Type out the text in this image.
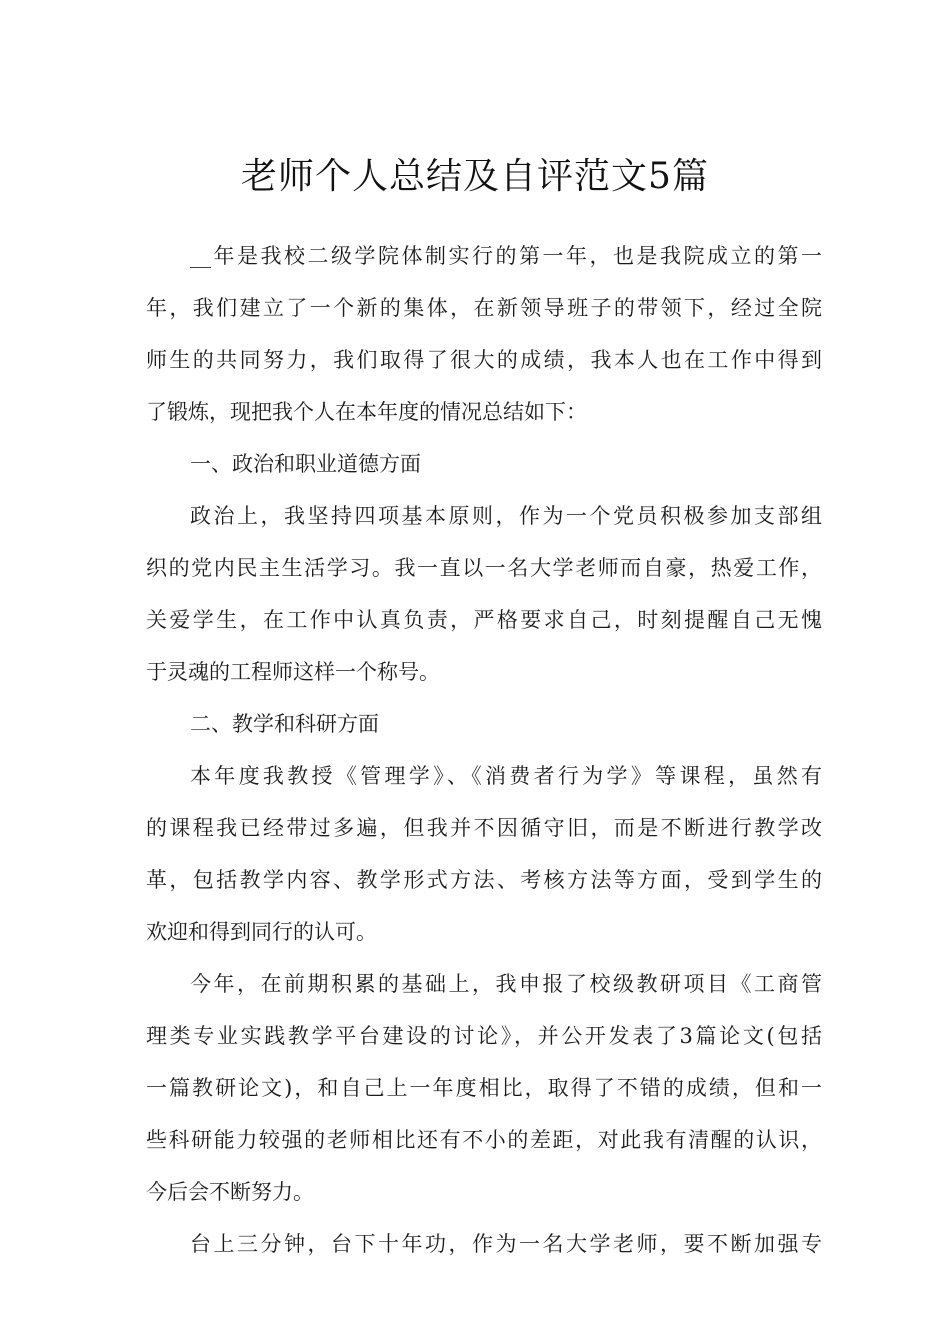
老师个人总结及自评范文5篇
__年是我校二级学院体制实行的第一年，也是我院成立的第一
年，我们建立了一个新的集体，在新领导班子的带领下，经过全院
师生的共同努力，我们取得了很大的成绩，我本人也在工作中得到
了锻炼，现把我个人在本年度的情况总结如下：
一、政治和职业道德方面
政治上，我坚持四项基本原则，作为一个党员积极参加支部组
织的党内民主生活学习。我一直以一名大学老师而自豪，热爱工作，
关爱学生，在工作中认真负责，严格要求自己，时刻提醒自己无愧
于灵魂的工程师这样一个称号。
二、教学和科研方面
本年度我教授《管理学》、《消费者行为学》等课程，虽然有
的课程我已经带过多遍，但我并不因循守旧，而是不断进行教学改
革，包括教学内容、教学形式方法、考核方法等方面，受到学生的
欢迎和得到同行的认可。
今年，在前期积累的基础上，我申报了校级教研项目《工商管
理类专业实践教学平台建设的讨论》，并公开发表了3篇论文(包括
一篇教研论文)，和自己上一年度相比，取得了不错的成绩，但和一
些科研能力较强的老师相比还有不小的差距，对此我有清醒的认识，
今后会不断努力。
台上三分钟，台下十年功，作为一名大学老师，要不断加强专
